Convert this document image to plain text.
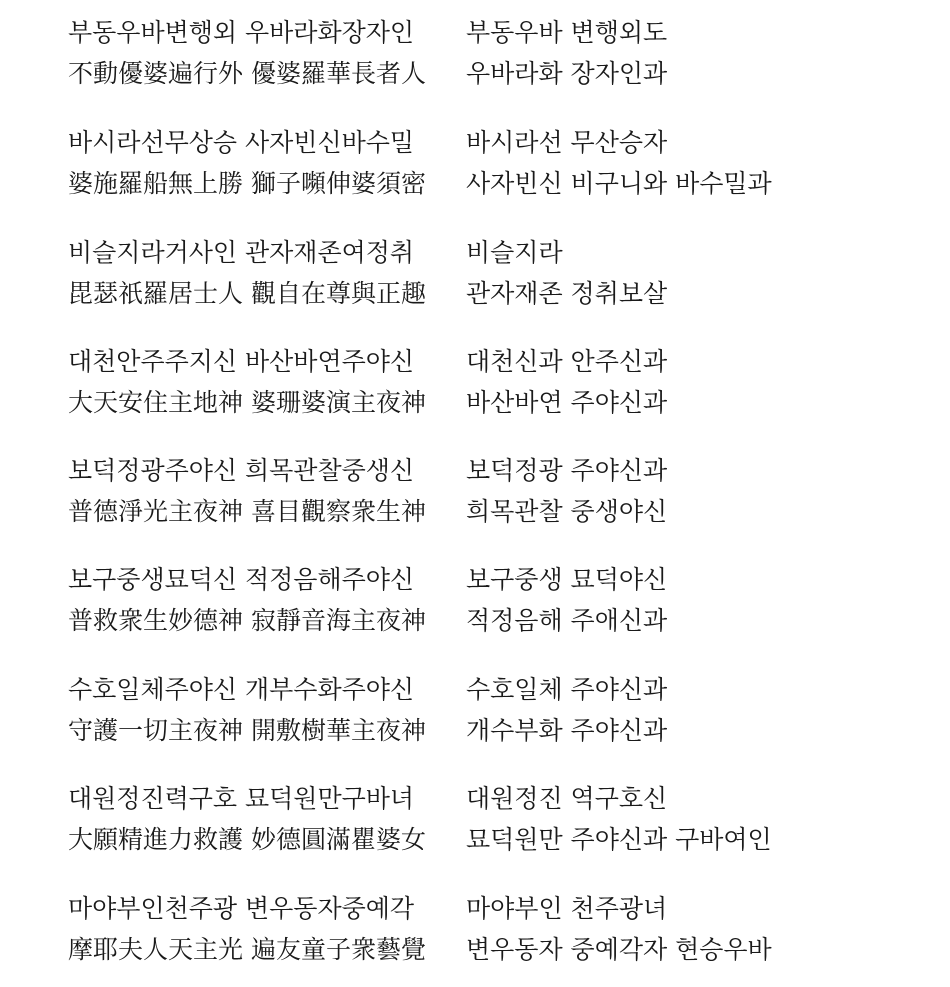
부동우바변행외 우바라화장자인
不動優婆遍行外 優婆羅華長者人
부동우바 변행외도
우바라화 장자인과
바시라선무상승 사자빈신바수밀
婆施羅船無上勝 獅子嚬伸婆須密
바시라선 무산승자
사자빈신 비구니와 바수밀과
비슬지라거사인 관자재존여정취
毘瑟祇羅居士人 觀自在尊與正趣
비슬지라
관자재존 정취보살
대천안주주지신 바산바연주야신
大天安住主地神 婆珊婆演主夜神
대천신과 안주신과
바산바연 주야신과
보덕정광주야신 희목관찰중생신
普德淨光主夜神 喜目觀察衆生神
보덕정광 주야신과
희목관찰 중생야신
보구중생묘덕신 적정음해주야신
普救衆生妙德神 寂靜音海主夜神
보구중생 묘덕야신
적정음해 주애신과
수호일체주야신 개부수화주야신
守護一切主夜神 開敷樹華主夜神
수호일체 주야신과
개수부화 주야신과
대원정진력구호 묘덕원만구바녀
大願精進力救護 妙德圓滿瞿婆女
대원정진 역구호신
묘덕원만 주야신과 구바여인
마야부인천주광 변우동자중예각
摩耶夫人天主光 遍友童子衆藝覺
마야부인 천주광녀
변우동자 중예각자 현승우바
